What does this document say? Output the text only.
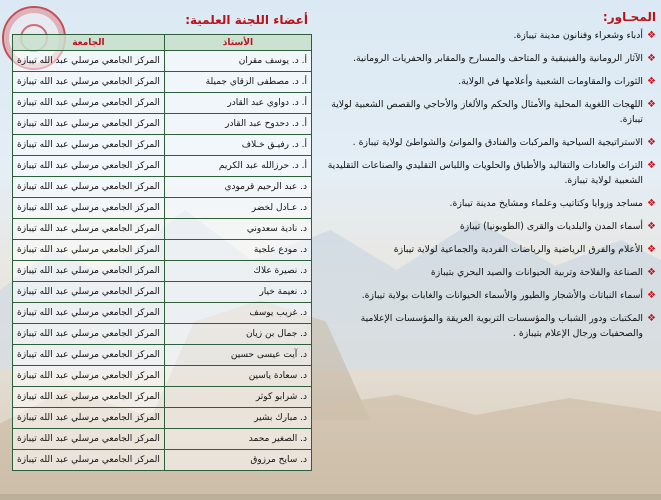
أعضاء اللجنة العلمية:
الأستاذ	الجامعة
أ. د. يوسف مقران	المركز الجامعي مرسلي عبد الله تيبازة
أ. د. مصطفى الزقاي جميلة	المركز الجامعي مرسلي عبد الله تيبازة
أ. د. دواوي عبد القادر	المركز الجامعي مرسلي عبد الله تيبازة
أ. د. دحدوح عبد القادر	المركز الجامعي مرسلي عبد الله تيبازة
أ. د. رفيـق خـلاف	المركز الجامعي مرسلي عبد الله تيبازة
أ. د. حرزالله عبد الكريم	المركز الجامعي مرسلي عبد الله تيبازة
د. عبد الرحيم قرمودي	المركز الجامعي مرسلي عبد الله تيبازة
د. عـادل لخضر	المركز الجامعي مرسلي عبد الله تيبازة
د. نادية سعدوني	المركز الجامعي مرسلي عبد الله تيبازة
د. مودع علجية	المركز الجامعي مرسلي عبد الله تيبازة
د. نصيرة علاك	المركز الجامعي مرسلي عبد الله تيبازة
د. نعيمة خيار	المركز الجامعي مرسلي عبد الله تيبازة
د. غريب يوسف	المركز الجامعي مرسلي عبد الله تيبازة
د. جمال بن زيان	المركز الجامعي مرسلي عبد الله تيبازة
د. آيت عيسى حسين	المركز الجامعي مرسلي عبد الله تيبازة
د. سعادة ياسين	المركز الجامعي مرسلي عبد الله تيبازة
د. شرابو كوثر	المركز الجامعي مرسلي عبد الله تيبازة
د. مبارك بشير	المركز الجامعي مرسلي عبد الله تيبازة
د. الصغير محمد	المركز الجامعي مرسلي عبد الله تيبازة
د. سايح مرزوق	المركز الجامعي مرسلي عبد الله تيبازة
المحـاور:
❖
أدباء وشعراء وفنانون مدينة تيبازة.
❖
الآثار الرومانية والفينيقية و المتاحف والمسارح والمقابر والحفريات الرومانية.
❖
الثورات والمقاومات الشعبية وأعلامها في الولاية.
❖
اللهجات اللغوية المحلية والأمثال والحكم والألغاز والأحاجي والقصص الشعبية لولاية تيبازة.
❖
الاستراتيجية السياحية والمركبات والفنادق والموانئ والشواطئ لولاية تيبازة .
❖
التراث والعادات والتقاليد والأطباق والحلويات واللباس التقليدي والصناعات التقليدية الشعبية لولاية تيبازة.
❖
مساجد وزوايا وكتاتيب وعلماء ومشايخ مدينة تيبازة.
❖
أسماء المدن والبلديات والقرى (الطوبونيا) تيبازة
❖
الأعلام والفرق الرياضية والرياضات الفردية والجماعية لولاية تيبازة
❖
الصناعة والفلاحة وتربية الحيوانات والصيد البحري بتيبازة
❖
أسماء النباتات والأشجار والطيور والأسماء الحيوانات والغابات بولاية تيبازة.
❖
المكتبات ودور الشباب والمؤسسات التربوية العريقة والمؤسسات الإعلامية والصحفيات ورجال الإعلام بتيبازة .
